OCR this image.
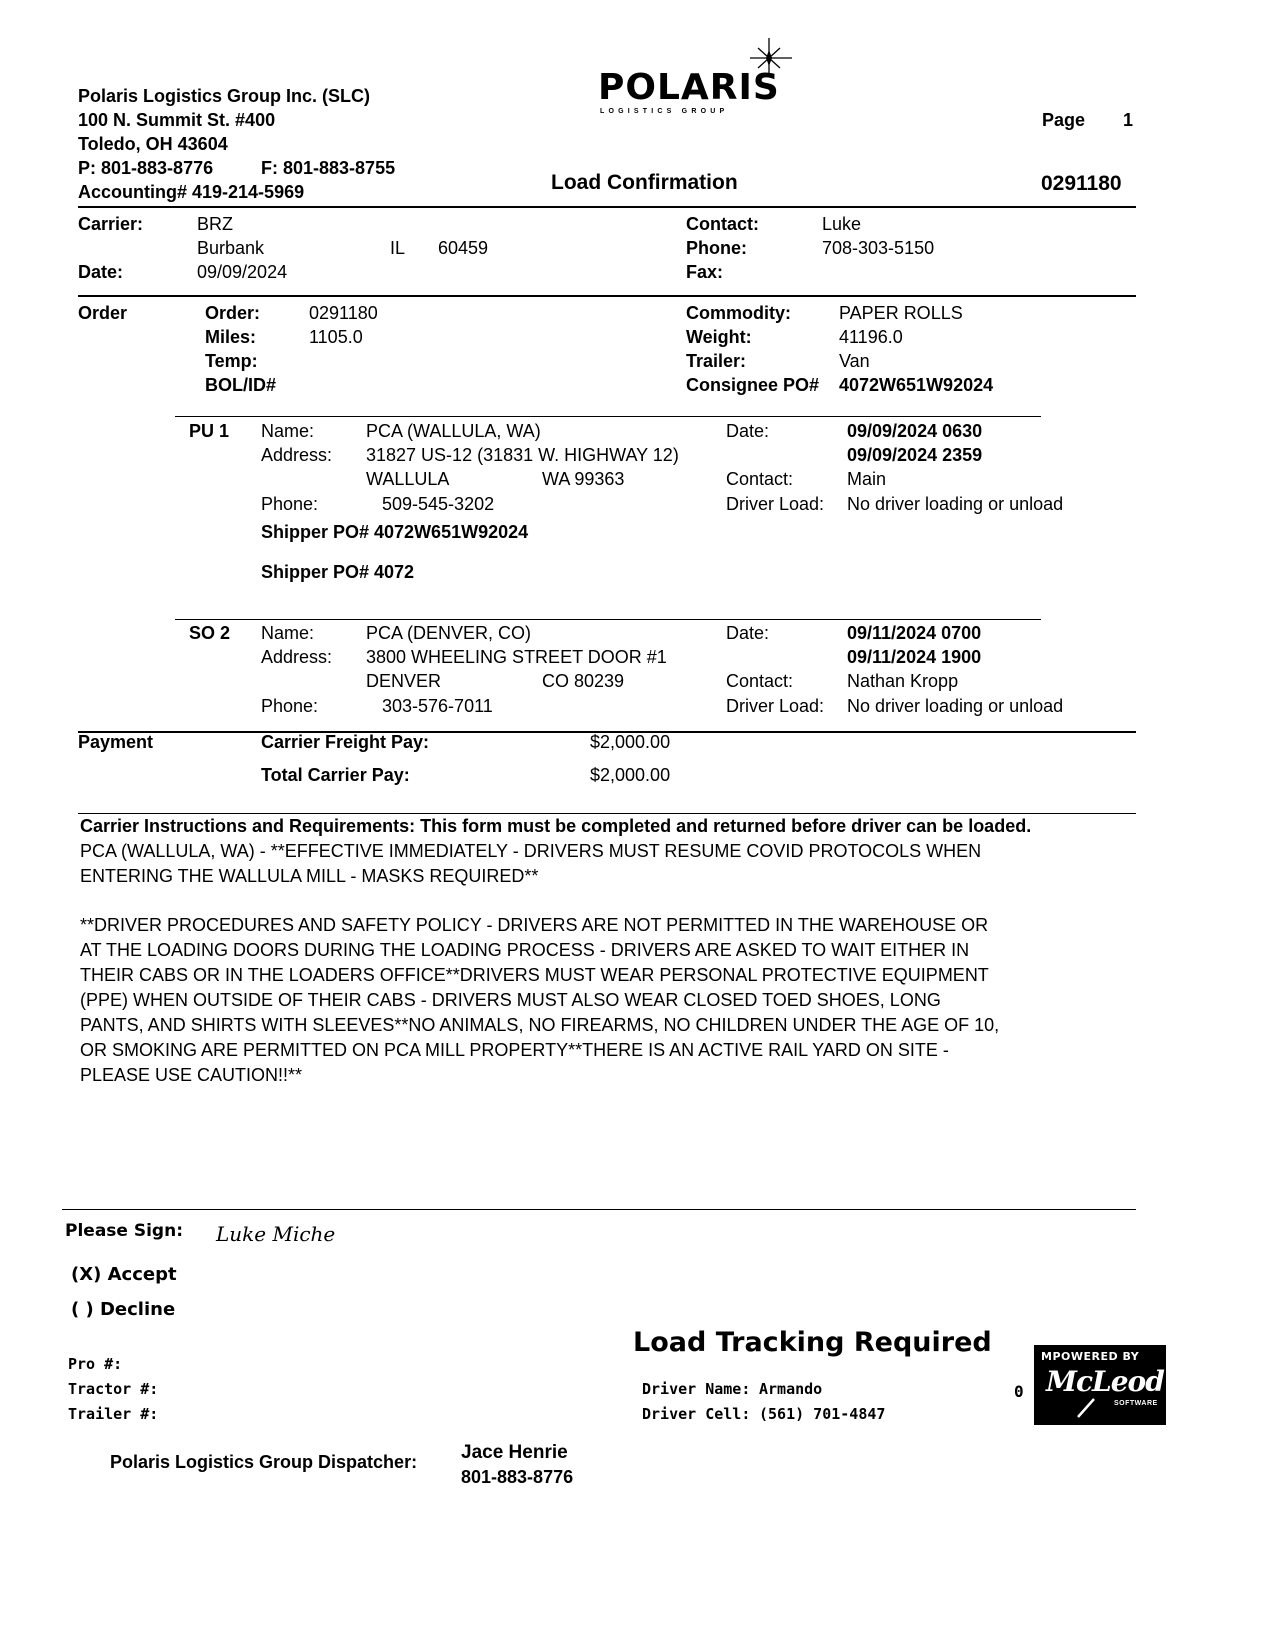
Polaris Logistics Group Inc. (SLC)
100 N. Summit St. #400
Toledo, OH 43604
P: 801-883-8776	F: 801-883-8755
Accounting# 419-214-5969
POLARIS
LOGISTICS GROUP	Page 1
Load Confirmation	0291180
Carrier:	BRZ
Burbank	IL 60459
Date:	09/09/2024
Contact:	Luke
Phone:	708-303-5150
Fax:
Order	Order:	0291180
Miles:	1105.0
Temp:
BOL/ID#
Commodity:	PAPER ROLLS
Weight:	41196.0
Trailer:	Van
Consignee PO# 4072W651W92024
PU 1 Name:	PCA (WALLULA, WA)
Address: 31827 US-12 (31831 W. HIGHWAY 12)
WALLULA	WA 99363
Phone:	509-545-3202
Date:	09/09/2024 0630
09/09/2024 2359
Contact:	Main
Driver Load: No driver loading or unload
Shipper PO# 4072W651W92024
Shipper PO# 4072
SO 2 Name:	PCA (DENVER, CO)
Address: 3800 WHEELING STREET DOOR #1
DENVER	CO 80239
Phone:	303-576-7011
Date:	09/11/2024 0700
09/11/2024 1900
Contact:	Nathan Kropp
Driver Load: No driver loading or unload
Payment	Carrier Freight Pay:	$2,000.00
Total Carrier Pay:	$2,000.00
Carrier Instructions and Requirements: This form must be completed and returned before driver can be loaded.
PCA (WALLULA, WA) - **EFFECTIVE IMMEDIATELY - DRIVERS MUST RESUME COVID PROTOCOLS WHEN
ENTERING THE WALLULA MILL - MASKS REQUIRED**
**DRIVER PROCEDURES AND SAFETY POLICY - DRIVERS ARE NOT PERMITTED IN THE WAREHOUSE OR
AT THE LOADING DOORS DURING THE LOADING PROCESS - DRIVERS ARE ASKED TO WAIT EITHER IN
THEIR CABS OR IN THE LOADERS OFFICE**DRIVERS MUST WEAR PERSONAL PROTECTIVE EQUIPMENT
(PPE) WHEN OUTSIDE OF THEIR CABS - DRIVERS MUST ALSO WEAR CLOSED TOED SHOES, LONG
PANTS, AND SHIRTS WITH SLEEVES**NO ANIMALS, NO FIREARMS, NO CHILDREN UNDER THE AGE OF 10,
OR SMOKING ARE PERMITTED ON PCA MILL PROPERTY**THERE IS AN ACTIVE RAIL YARD ON SITE -
PLEASE USE CAUTION!!**
Please Sign: Luke Miche
(X) Accept
( ) Decline
Load Tracking Required
Pro #:
Tractor #:
Trailer #:
Driver Name: Armando
Driver Cell: (561) 701-4847
0
MPOWERED BY
McLeod
SOFTWARE
Polaris Logistics Group Dispatcher: Jace Henrie
801-883-8776
